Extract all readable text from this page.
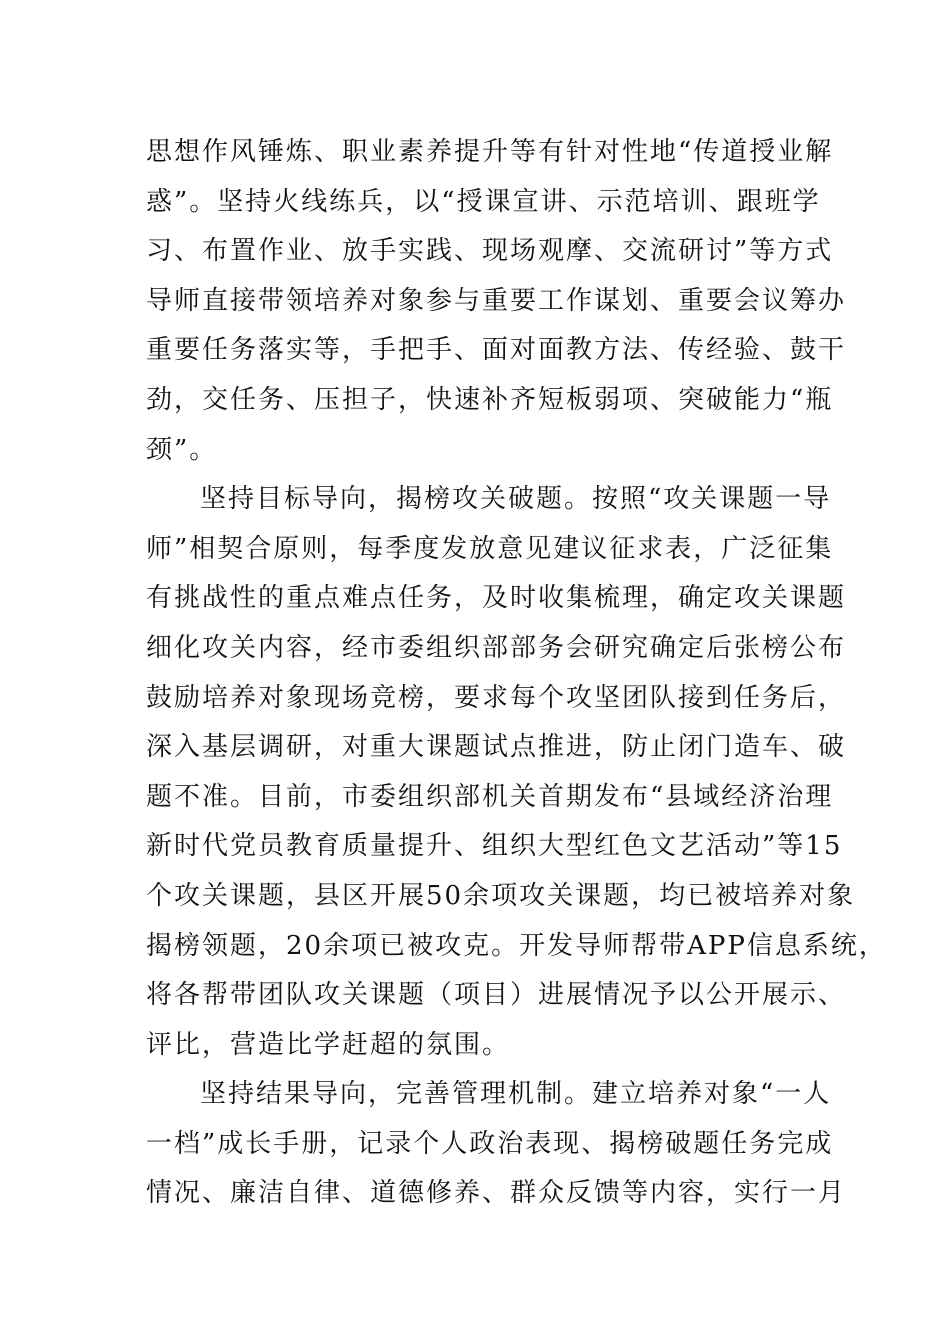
思想作风锤炼、职业素养提升等有针对性地“传道授业解
惑”。坚持火线练兵，以“授课宣讲、示范培训、跟班学
习、布置作业、放手实践、现场观摩、交流研讨”等方式
导师直接带领培养对象参与重要工作谋划、重要会议筹办
重要任务落实等，手把手、面对面教方法、传经验、鼓干
劲，交任务、压担子，快速补齐短板弱项、突破能力“瓶
颈”。
坚持目标导向，揭榜攻关破题。按照“攻关课题一导
师”相契合原则，每季度发放意见建议征求表，广泛征集
有挑战性的重点难点任务，及时收集梳理，确定攻关课题
细化攻关内容，经市委组织部部务会研究确定后张榜公布
鼓励培养对象现场竞榜，要求每个攻坚团队接到任务后，
深入基层调研，对重大课题试点推进，防止闭门造车、破
题不准。目前，市委组织部机关首期发布“县域经济治理
新时代党员教育质量提升、组织大型红色文艺活动”等15
个攻关课题，县区开展50余项攻关课题，均已被培养对象
揭榜领题，20余项已被攻克。开发导师帮带APP信息系统，
将各帮带团队攻关课题（项目）进展情况予以公开展示、
评比，营造比学赶超的氛围。
坚持结果导向，完善管理机制。建立培养对象“一人
一档”成长手册，记录个人政治表现、揭榜破题任务完成
情况、廉洁自律、道德修养、群众反馈等内容，实行一月
